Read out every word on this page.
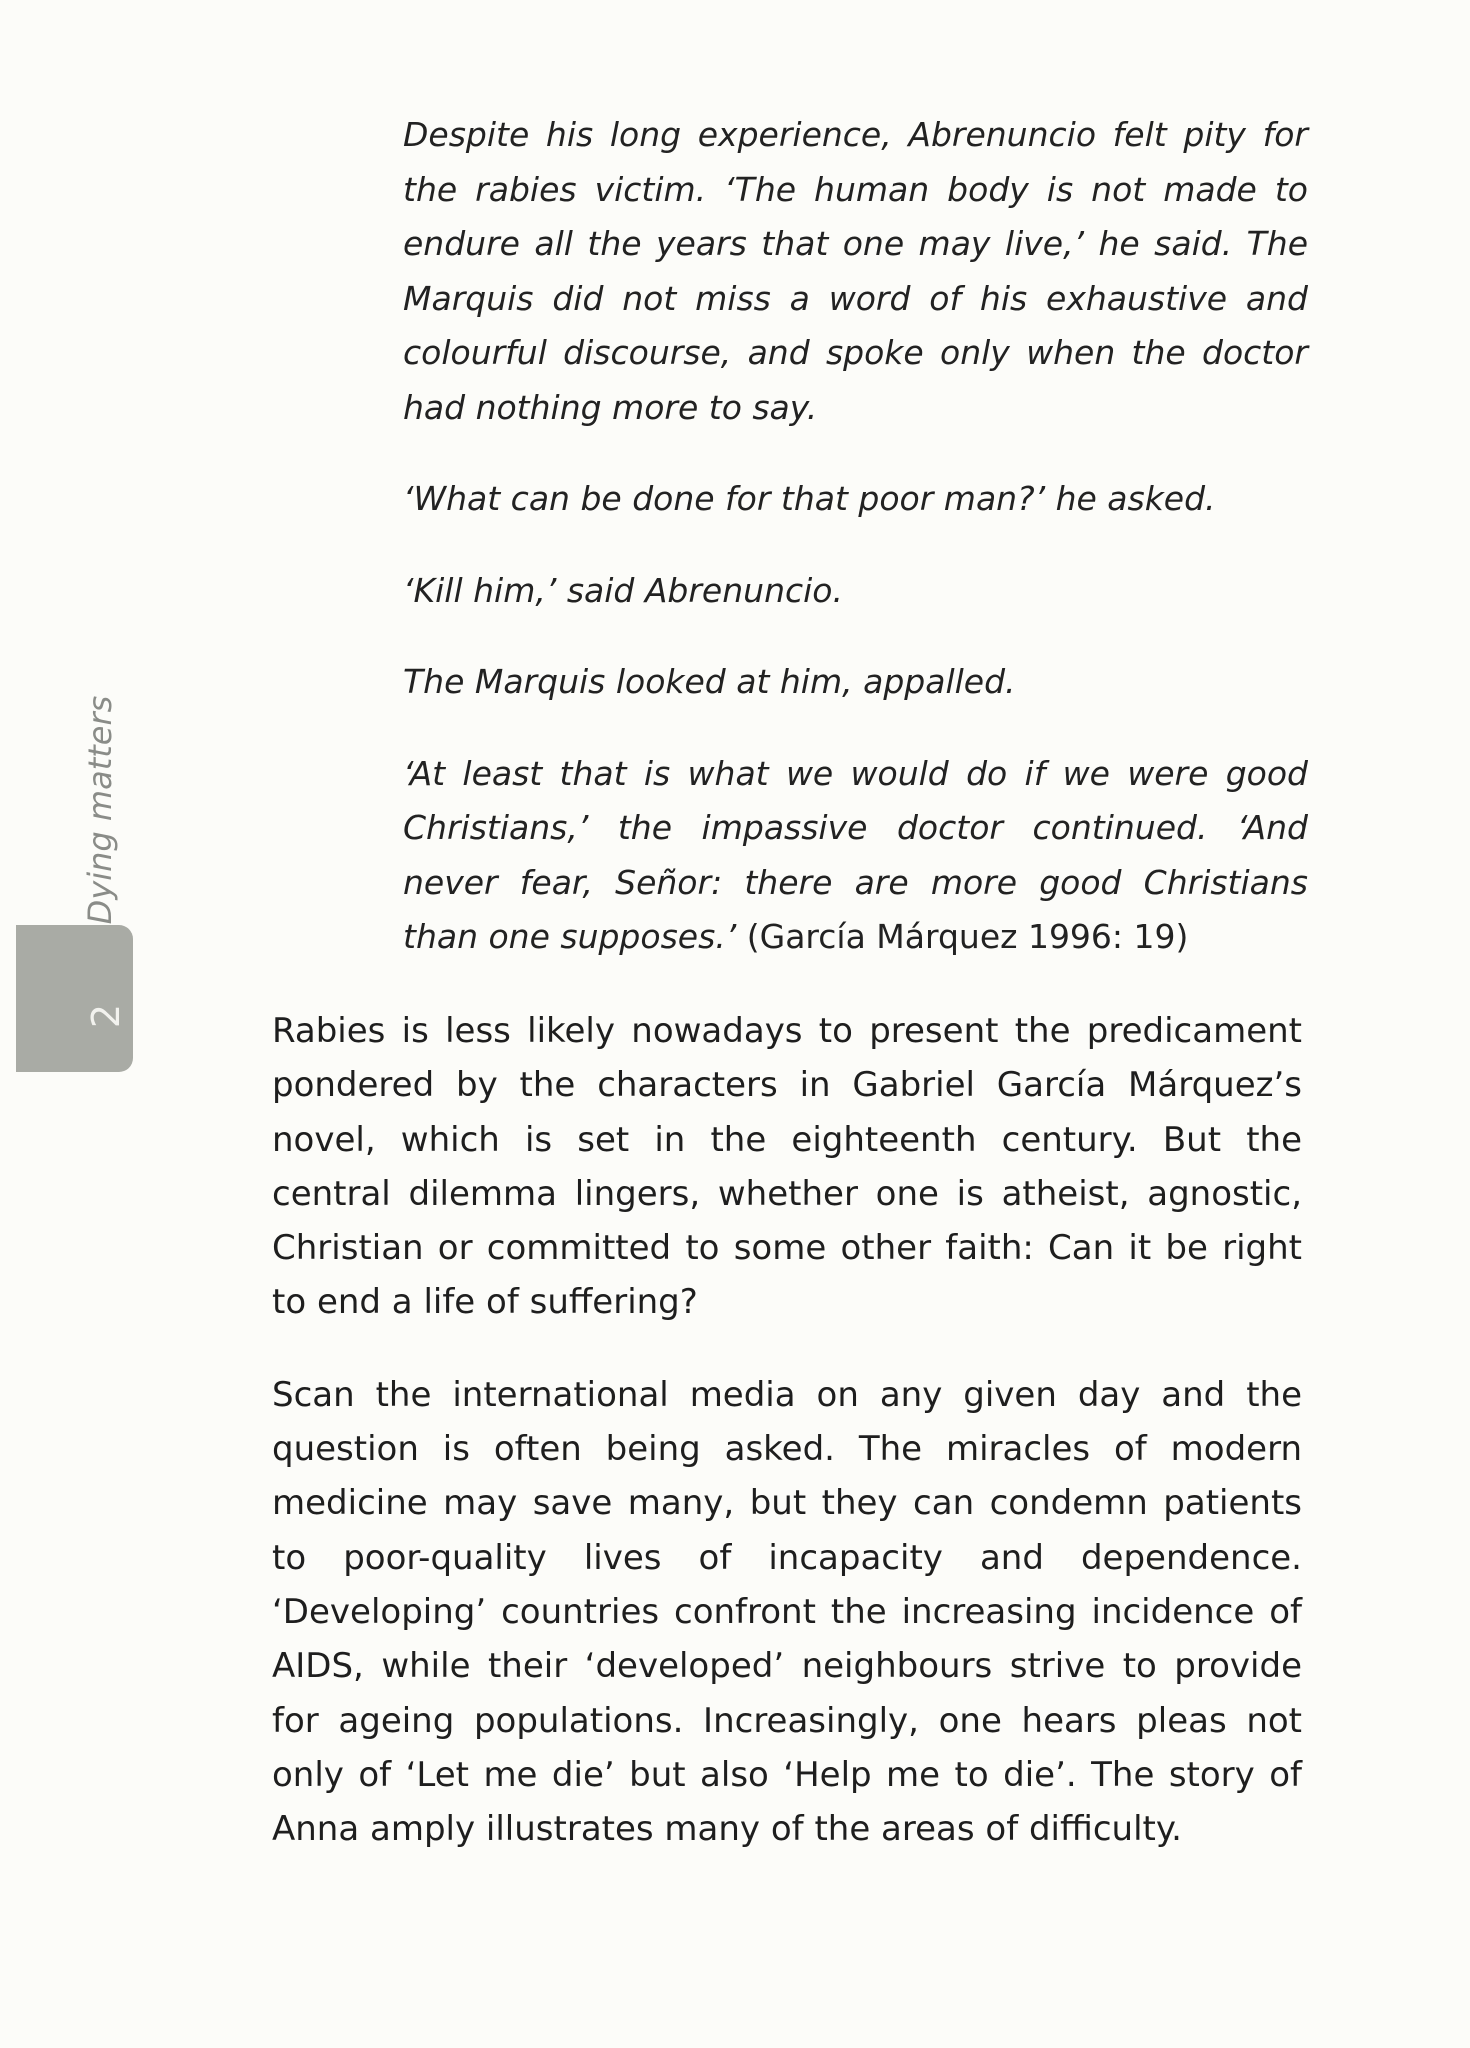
2
Dying matters

Despite his long experience, Abrenuncio felt pity for the rabies victim. ‘The human body is not made to endure all the years that one may live,’ he said. The Marquis did not miss a word of his exhaustive and colourful discourse, and spoke only when the doctor had nothing more to say.

‘What can be done for that poor man?’ he asked.

‘Kill him,’ said Abrenuncio.

The Marquis looked at him, appalled.

‘At least that is what we would do if we were good Christians,’ the impassive doctor continued. ‘And never fear, Señor: there are more good Christians than one supposes.’ (García Márquez 1996: 19)

Rabies is less likely nowadays to present the predicament pondered by the characters in Gabriel García Márquez’s novel, which is set in the eighteenth century. But the central dilemma lingers, whether one is atheist, agnostic, Christian or committed to some other faith: Can it be right to end a life of suffering?

Scan the international media on any given day and the question is often being asked. The miracles of modern medicine may save many, but they can condemn patients to poor-quality lives of incapacity and dependence. ‘Developing’ countries confront the increasing incidence of AIDS, while their ‘developed’ neighbours strive to provide for ageing populations. Increasingly, one hears pleas not only of ‘Let me die’ but also ‘Help me to die’. The story of Anna amply illustrates many of the areas of difficulty.
